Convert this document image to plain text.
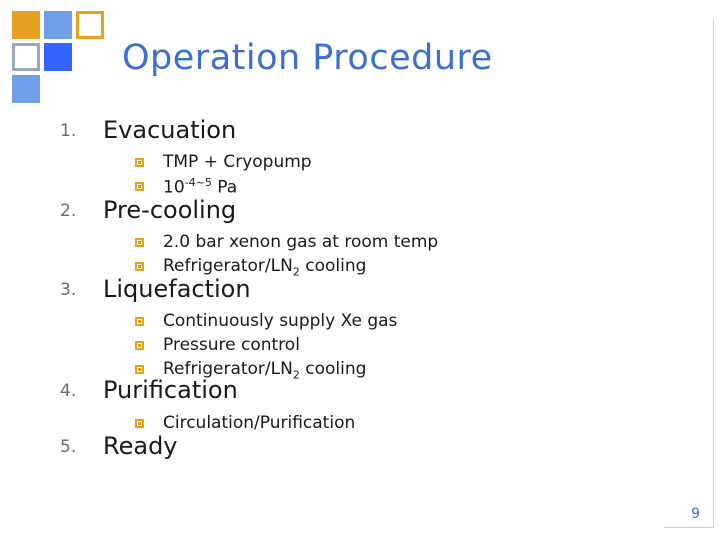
Operation Procedure
1. Evacuation
TMP + Cryopump
$10^{-4\sim 5}$ Pa
2. Pre-cooling
2.0 bar xenon gas at room temp
Refrigerator/$LN_2$ cooling
3. Liquefaction
Continuously supply Xe gas
Pressure control
Refrigerator/$LN_2$ cooling
4. Purification
Circulation/Purification
5. Ready
9
